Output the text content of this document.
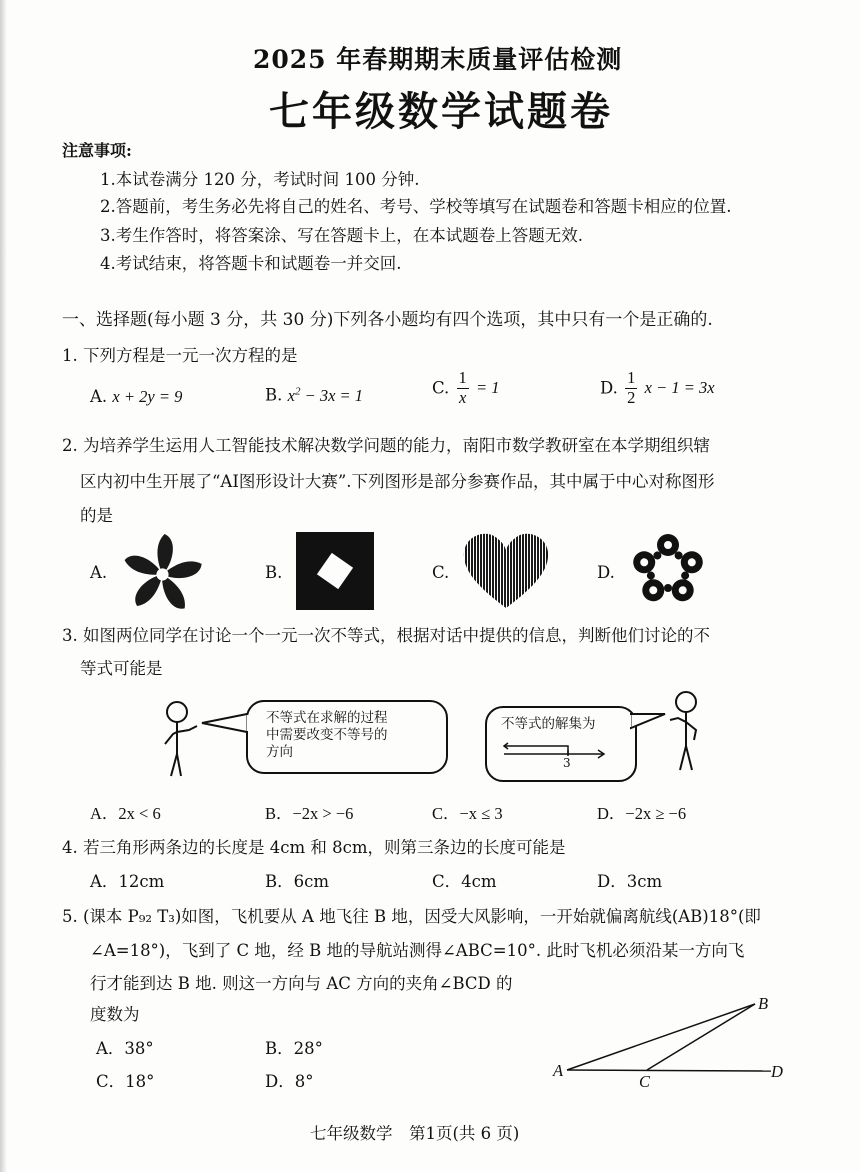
2025 年春期期末质量评估检测
七年级数学试题卷
注意事项:
1.本试卷满分 120 分，考试时间 100 分钟.
2.答题前，考生务必先将自己的姓名、考号、学校等填写在试题卷和答题卡相应的位置.
3.考生作答时，将答案涂、写在答题卡上，在本试题卷上答题无效.
4.考试结束，将答题卡和试题卷一并交回.
一、选择题(每小题 3 分，共 30 分)下列各小题均有四个选项，其中只有一个是正确的.
1. 下列方程是一元一次方程的是
A. x + 2y = 9	B. $x^2 - 3x = 1$	C. $\frac{1}{x} = 1$	D. $\frac{1}{2}$ x − 1 = 3x
2. 为培养学生运用人工智能技术解决数学问题的能力，南阳市数学教研室在本学期组织辖
区内初中生开展了“AI图形设计大赛”.下列图形是部分参赛作品，其中属于中心对称图形
的是
A.	B.	C.	D.
3. 如图两位同学在讨论一个一元一次不等式，根据对话中提供的信息，判断他们讨论的不
等式可能是
不等式在求解的过程
中需要改变不等号的
方向
不等式的解集为
3
A．2x < 6	B．−2x > −6	C．−x ≤ 3	D．−2x ≥ −6
4. 若三角形两条边的长度是 4cm 和 8cm，则第三条边的长度可能是
A．12cm	B．6cm	C．4cm	D．3cm
5. (课本 P₉₂ T₃)如图，飞机要从 A 地飞往 B 地，因受大风影响，一开始就偏离航线(AB)18°(即
∠A=18°)，飞到了 C 地，经 B 地的导航站测得∠ABC=10°. 此时飞机必须沿某一方向飞
行才能到达 B 地. 则这一方向与 AC 方向的夹角∠BCD 的
度数为
A．38°	B．28°
C．18°	D．8°
A
B
C
D
七年级数学　第1页(共 6 页)
